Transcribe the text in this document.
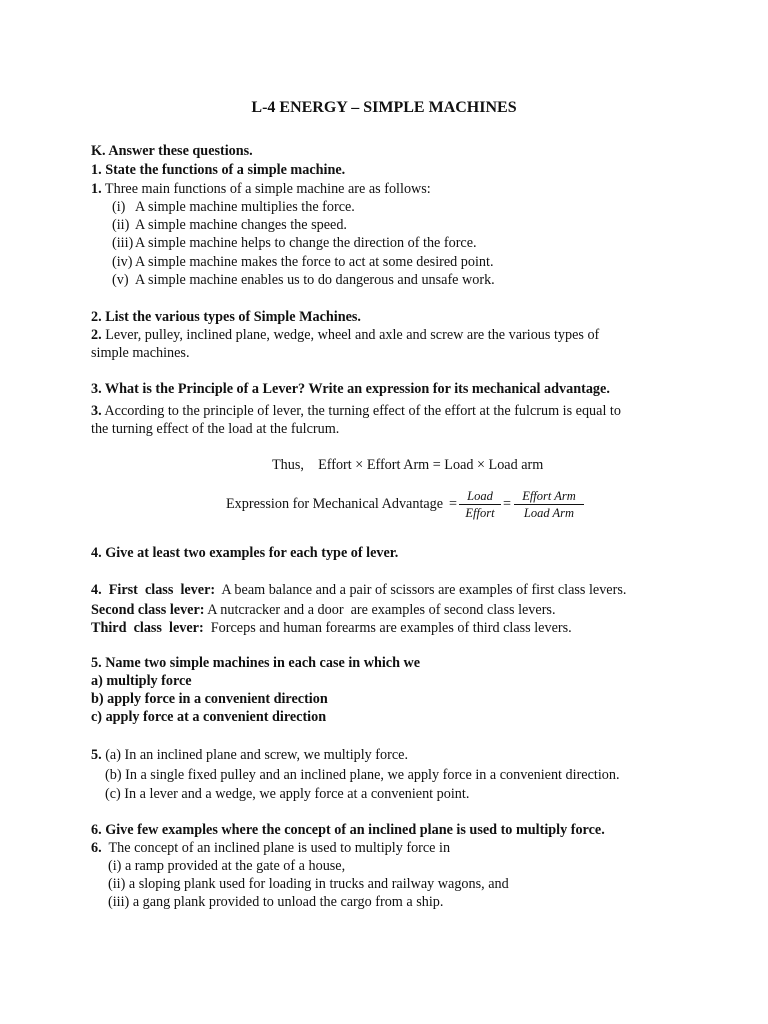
L-4 ENERGY – SIMPLE MACHINES
K. Answer these questions.
1. State the functions of a simple machine.
1. Three main functions of a simple machine are as follows:
(i) A simple machine multiplies the force.
(ii) A simple machine changes the speed.
(iii) A simple machine helps to change the direction of the force.
(iv) A simple machine makes the force to act at some desired point.
(v) A simple machine enables us to do dangerous and unsafe work.
2. List the various types of Simple Machines.
2. Lever, pulley, inclined plane, wedge, wheel and axle and screw are the various types of
simple machines.
3. What is the Principle of a Lever? Write an expression for its mechanical advantage.
3. According to the principle of lever, the turning effect of the effort at the fulcrum is equal to
the turning effect of the load at the fulcrum.
Thus,    Effort × Effort Arm = Load × Load arm
Expression for Mechanical Advantage = Load
Effort
= Effort Arm
Load Arm
4. Give at least two examples for each type of lever.
4.  First  class  lever:  A beam balance and a pair of scissors are examples of first class levers.
Second class lever: A nutcracker and a door  are examples of second class levers.
Third  class  lever:  Forceps and human forearms are examples of third class levers.
5. Name two simple machines in each case in which we
a) multiply force
b) apply force in a convenient direction
c) apply force at a convenient direction
5. (a) In an inclined plane and screw, we multiply force.
(b) In a single fixed pulley and an inclined plane, we apply force in a convenient direction.
(c) In a lever and a wedge, we apply force at a convenient point.
6. Give few examples where the concept of an inclined plane is used to multiply force.
6.  The concept of an inclined plane is used to multiply force in
(i) a ramp provided at the gate of a house,
(ii) a sloping plank used for loading in trucks and railway wagons, and
(iii) a gang plank provided to unload the cargo from a ship.
